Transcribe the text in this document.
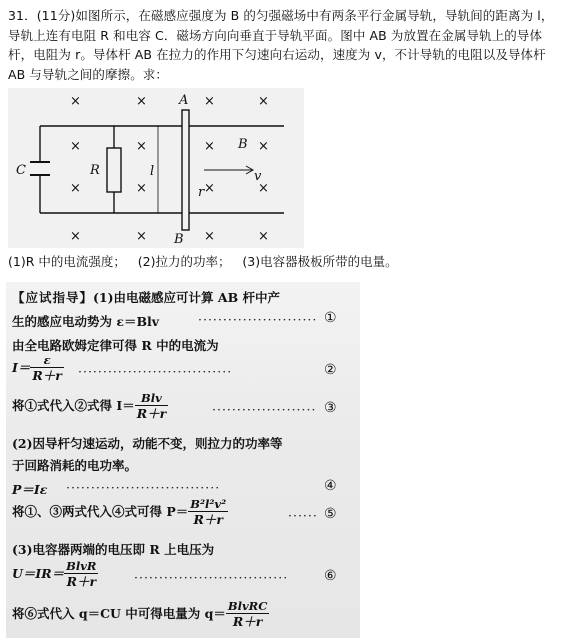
31．(11分)如图所示，在磁感应强度为 B 的匀强磁场中有两条平行金属导轨，导轨间的距离为 l，导轨上连有电阻 R 和电容 C．磁场方向向垂直于导轨平面。图中 AB 为放置在金属导轨上的导体杆，电阻为 r。导体杆 AB 在拉力的作用下匀速向右运动，速度为 v，不计导轨的电阻以及导体杆 AB 与导轨之间的摩擦。求：

×	×	×	×
×	×	×	×
×	×	×	×
×	×	×	×
A
B
B
C	R	l
r
v
(1)R 中的电流强度；   (2)拉力的功率；   (3)电容器极板所带的电量。
【应试指导】(1)由电磁感应可计算 AB 杆中产
生的感应电动势为 ε＝Blv	························ ①
由全电路欧姆定律可得 R 中的电流为
$I= \frac{\varepsilon}{R+r}$ ·······························	②
将①式代入②式得 $I= \frac{\text{Blv}}{R+r}$	····················· ③
(2)因导杆匀速运动，动能不变，则拉力的功率等
于回路消耗的电功率。
P＝Iε ·······························	④
将①、③两式代入④式可得 $P= \frac{\text{B²l²v²}}{R+r}$	······ ⑤
(3)电容器两端的电压即 R 上电压为
$U=IR= \frac{\text{BlvR}}{R+r}$	·······························	⑥
将⑥式代入 q＝CU 中可得电量为 $q= \frac{\text{BlvRC}}{R+r}$
